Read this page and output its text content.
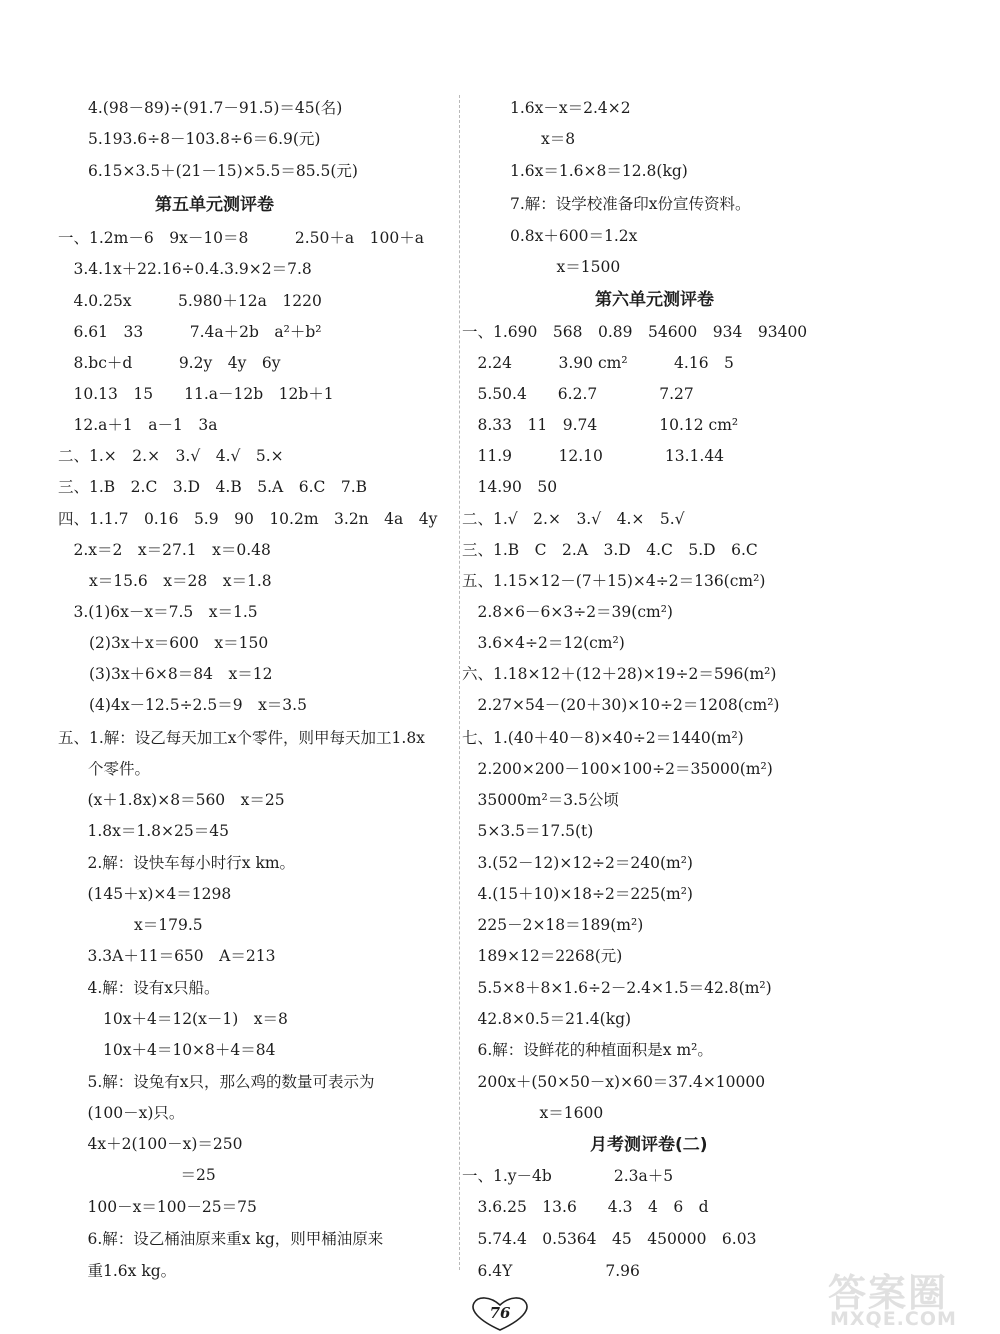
4.(98－89)÷(91.7－91.5)＝45(名)
5.193.6÷8－103.8÷6＝6.9(元)
6.15×3.5＋(21－15)×5.5＝85.5(元)
第五单元测评卷
一、1.2m－6　9x－10＝8　　　2.50＋a　100＋a
　3.4.1x＋22.16÷0.4.3.9×2＝7.8
　4.0.25x　　　5.980＋12a　1220
　6.61　33　　　7.4a＋2b　a²＋b²
　8.bc＋d　　　9.2y　4y　6y
　10.13　15　　11.a－12b　12b＋1
　12.a＋1　a－1　3a
二、1.×　2.×　3.√　4.√　5.×
三、1.B　2.C　3.D　4.B　5.A　6.C　7.B
四、1.1.7　0.16　5.9　90　10.2m　3.2n　4a　4y
　2.x＝2　x＝27.1　x＝0.48
　　x＝15.6　x＝28　x＝1.8
　3.(1)6x－x＝7.5　x＝1.5
　　(2)3x＋x＝600　x＝150
　　(3)3x＋6×8＝84　x＝12
　　(4)4x－12.5÷2.5＝9　x＝3.5
五、1.解：设乙每天加工x个零件，则甲每天加工1.8x
个零件。
　(x＋1.8x)×8＝560　x＝25
　1.8x＝1.8×25＝45
　2.解：设快车每小时行x km。
　(145＋x)×4＝1298
　　　　x＝179.5
　3.3A＋11＝650　A＝213
　4.解：设有x只船。
　　10x＋4＝12(x－1)　x＝8
　　10x＋4＝10×8＋4＝84
　5.解：设兔有x只，那么鸡的数量可表示为
　(100－x)只。
　4x＋2(100－x)＝250
　　　　　　　＝25
　100－x＝100－25＝75
　6.解：设乙桶油原来重x kg，则甲桶油原来
　重1.6x kg。
1.6x－x＝2.4×2
　　x＝8
1.6x＝1.6×8＝12.8(kg)
7.解：设学校准备印x份宣传资料。
0.8x＋600＝1.2x
　　　x＝1500
第六单元测评卷
一、1.690　568　0.89　54600　934　93400
　2.24　　　3.90 cm²　　　4.16　5
　5.50.4　　6.2.7　　　　7.27
　8.33　11　9.74　　　　10.12 cm²
　11.9　　　12.10　　　　13.1.44
　14.90　50
二、1.√　2.×　3.√　4.×　5.√
三、1.B　C　2.A　3.D　4.C　5.D　6.C
五、1.15×12－(7＋15)×4÷2＝136(cm²)
　2.8×6－6×3÷2＝39(cm²)
　3.6×4÷2＝12(cm²)
六、1.18×12＋(12＋28)×19÷2＝596(m²)
　2.27×54－(20＋30)×10÷2＝1208(cm²)
七、1.(40＋40－8)×40÷2＝1440(m²)
　2.200×200－100×100÷2＝35000(m²)
　35000m²＝3.5公顷
　5×3.5＝17.5(t)
　3.(52－12)×12÷2＝240(m²)
　4.(15＋10)×18÷2＝225(m²)
　225－2×18＝189(m²)
　189×12＝2268(元)
　5.5×8＋8×1.6÷2－2.4×1.5＝42.8(m²)
　42.8×0.5＝21.4(kg)
　6.解：设鲜花的种植面积是x m²。
　200x＋(50×50－x)×60＝37.4×10000
　　　　　x＝1600
月考测评卷(二)
一、1.y－4b　　　　2.3a＋5
　3.6.25　13.6　　4.3　4　6　d
　5.74.4　0.5364　45　450000　6.03
　6.4Y　　　　　　7.96
76	答案圈
MXQE.COM
